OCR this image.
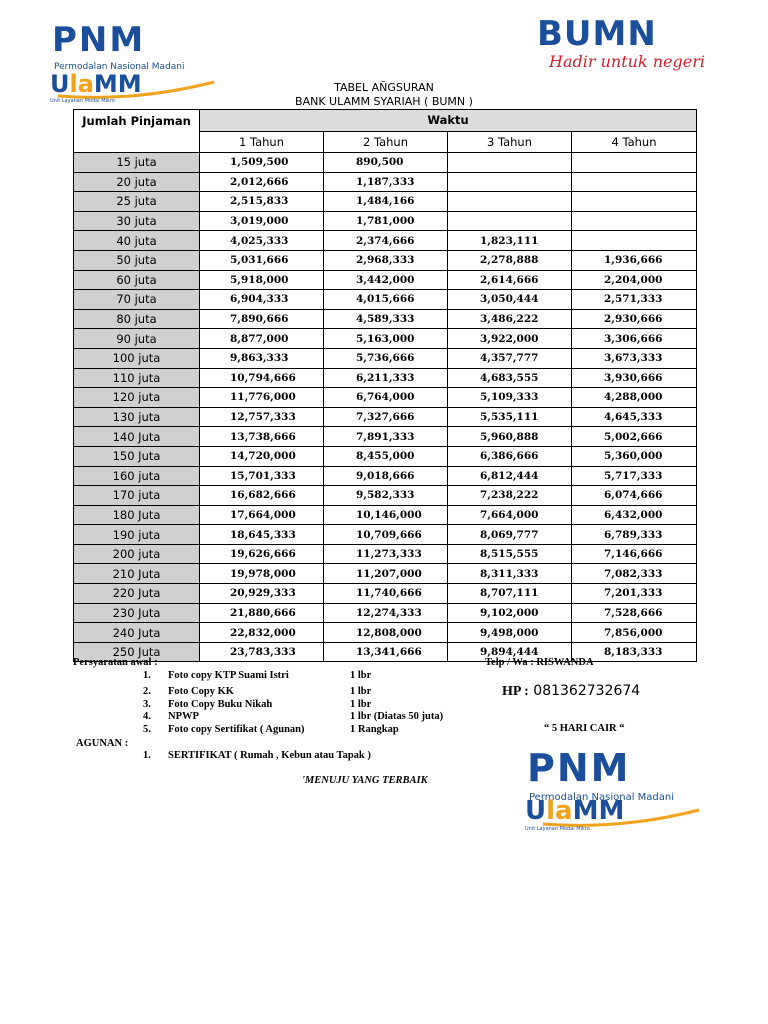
PNM
Permodalan Nasional Madani
UlaMM
Unit Layanan Modal Mikro
BUMN
Hadir untuk negeri
TABEL AÑGSURAN
BANK ULAMM SYARIAH ( BUMN )
Jumlah Pinjaman	Waktu			
	1 Tahun	2 Tahun	3 Tahun	4 Tahun
15 juta	1,509,500	890,500		
20 juta	2,012,666	1,187,333		
25 juta	2,515,833	1,484,166		
30 juta	3,019,000	1,781,000		
40 juta	4,025,333	2,374,666	1,823,111	
50 juta	5,031,666	2,968,333	2,278,888	1,936,666
60 juta	5,918,000	3,442,000	2,614,666	2,204,000
70 juta	6,904,333	4,015,666	3,050,444	2,571,333
80 juta	7,890,666	4,589,333	3,486,222	2,930,666
90 juta	8,877,000	5,163,000	3,922,000	3,306,666
100 juta	9,863,333	5,736,666	4,357,777	3,673,333
110 juta	10,794,666	6,211,333	4,683,555	3,930,666
120 juta	11,776,000	6,764,000	5,109,333	4,288,000
130 juta	12,757,333	7,327,666	5,535,111	4,645,333
140 Juta	13,738,666	7,891,333	5,960,888	5,002,666
150 Juta	14,720,000	8,455,000	6,386,666	5,360,000
160 juta	15,701,333	9,018,666	6,812,444	5,717,333
170 juta	16,682,666	9,582,333	7,238,222	6,074,666
180 Juta	17,664,000	10,146,000	7,664,000	6,432,000
190 juta	18,645,333	10,709,666	8,069,777	6,789,333
200 juta	19,626,666	11,273,333	8,515,555	7,146,666
210 Juta	19,978,000	11,207,000	8,311,333	7,082,333
220 Juta	20,929,333	11,740,666	8,707,111	7,201,333
230 Juta	21,880,666	12,274,333	9,102,000	7,528,666
240 Juta	22,832,000	12,808,000	9,498,000	7,856,000
250 Juta	23,783,333	13,341,666	9,894,444	8,183,333
Persyaratan awal :
1. Foto copy KTP Suami Istri	1 lbr
2. Foto Copy KK	1 lbr
3. Foto Copy Buku Nikah	1 lbr
4. NPWP	1 lbr (Diatas 50 juta)
5. Foto copy Sertifikat ( Agunan)	1 Rangkap
AGUNAN :
1. SERTIFIKAT ( Rumah , Kebun atau Tapak )
'MENUJU YANG TERBAIK
Telp / Wa : RISWANDA
HP : 081362732674
“ 5 HARI CAIR “
PNM
Permodalan Nasional Madani
UlaMM
Unit Layanan Modal Mikro
